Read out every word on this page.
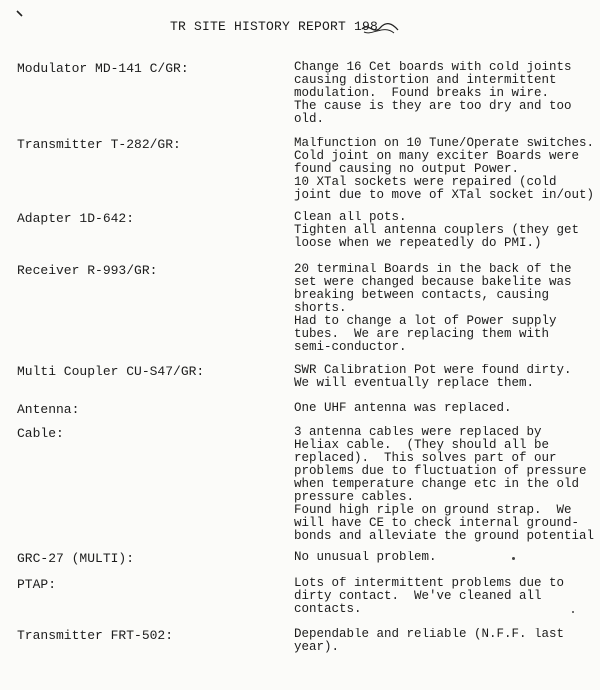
TR SITE HISTORY REPORT 198
Modulator MD-141 C/GR:	Change 16 Cet boards with cold joints
causing distortion and intermittent
modulation.  Found breaks in wire.
The cause is they are too dry and too
old.
Transmitter T-282/GR:	Malfunction on 10 Tune/Operate switches.
Cold joint on many exciter Boards were
found causing no output Power.
10 XTal sockets were repaired (cold
joint due to move of XTal socket in/out)
Adapter 1D-642:	Clean all pots.
Tighten all antenna couplers (they get
loose when we repeatedly do PMI.)
Receiver R-993/GR:	20 terminal Boards in the back of the
set were changed because bakelite was
breaking between contacts, causing
shorts.
Had to change a lot of Power supply
tubes.  We are replacing them with
semi-conductor.
Multi Coupler CU-S47/GR:	SWR Calibration Pot were found dirty.
We will eventually replace them.
Antenna:	One UHF antenna was replaced.
Cable:	3 antenna cables were replaced by
Heliax cable.  (They should all be
replaced).  This solves part of our
problems due to fluctuation of pressure
when temperature change etc in the old
pressure cables.
Found high riple on ground strap.  We
will have CE to check internal ground-
bonds and alleviate the ground potential
GRC-27 (MULTI):	No unusual problem.
PTAP:	Lots of intermittent problems due to
dirty contact.  We've cleaned all
contacts.
Transmitter FRT-502:	Dependable and reliable (N.F.F. last
year).
